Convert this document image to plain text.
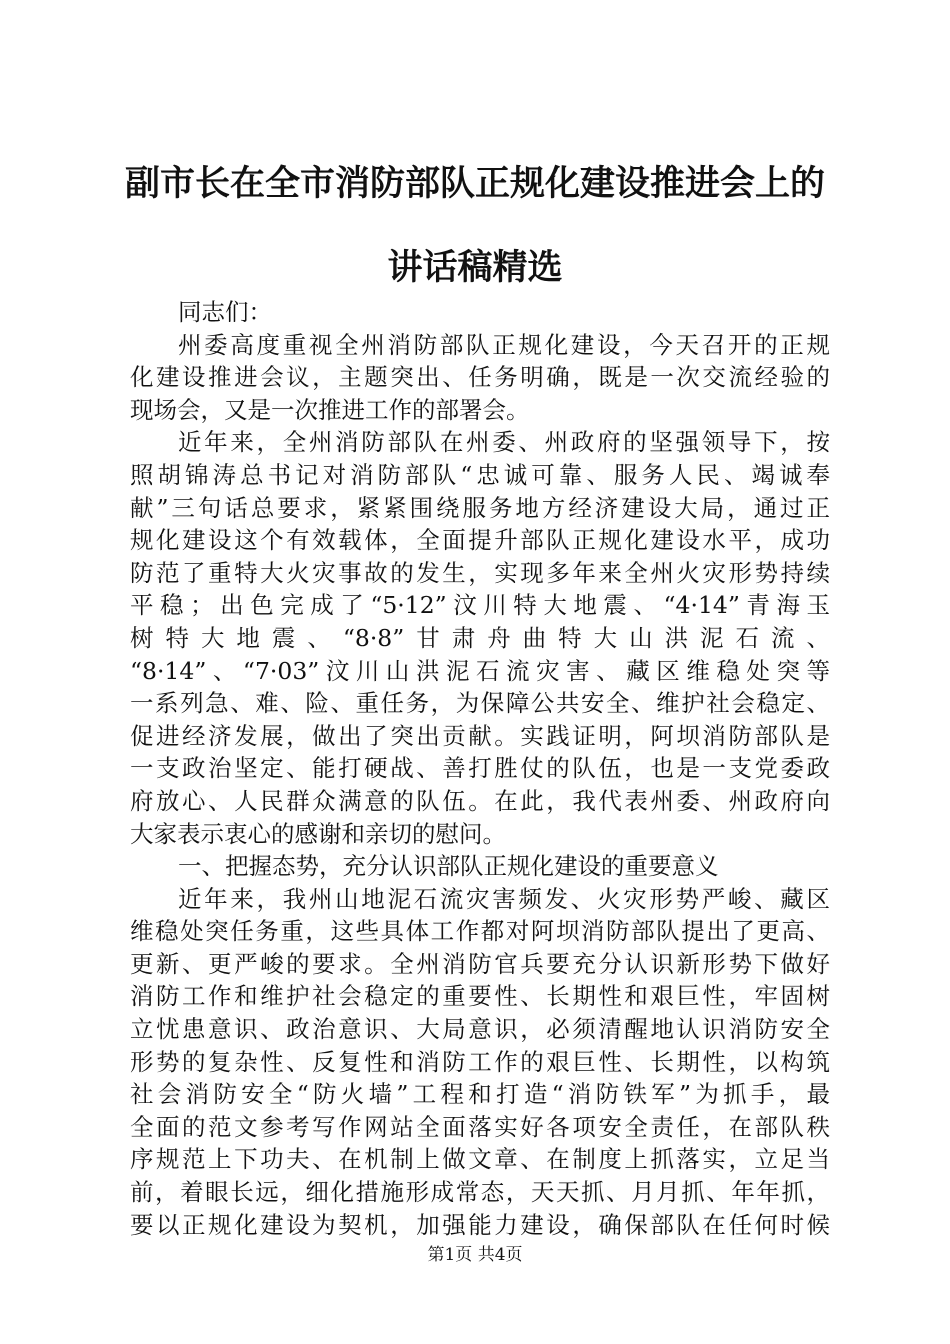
副市长在全市消防部队正规化建设推进会上的
讲话稿精选
同志们：
州委高度重视全州消防部队正规化建设，今天召开的正规
化建设推进会议，主题突出、任务明确，既是一次交流经验的
现场会，又是一次推进工作的部署会。
近年来，全州消防部队在州委、州政府的坚强领导下，按
照胡锦涛总书记对消防部队“忠诚可靠、服务人民、竭诚奉
献”三句话总要求，紧紧围绕服务地方经济建设大局，通过正
规化建设这个有效载体，全面提升部队正规化建设水平，成功
防范了重特大火灾事故的发生，实现多年来全州火灾形势持续
平稳；出色完成了“5·12”汶川特大地震、“4·14”青海玉
树特大地震、“8·8”甘肃舟曲特大山洪泥石流、
“8·14”、“7·03”汶川山洪泥石流灾害、藏区维稳处突等
一系列急、难、险、重任务，为保障公共安全、维护社会稳定、
促进经济发展，做出了突出贡献。实践证明，阿坝消防部队是
一支政治坚定、能打硬战、善打胜仗的队伍，也是一支党委政
府放心、人民群众满意的队伍。在此，我代表州委、州政府向
大家表示衷心的感谢和亲切的慰问。
一、把握态势，充分认识部队正规化建设的重要意义
近年来，我州山地泥石流灾害频发、火灾形势严峻、藏区
维稳处突任务重，这些具体工作都对阿坝消防部队提出了更高、
更新、更严峻的要求。全州消防官兵要充分认识新形势下做好
消防工作和维护社会稳定的重要性、长期性和艰巨性，牢固树
立忧患意识、政治意识、大局意识，必须清醒地认识消防安全
形势的复杂性、反复性和消防工作的艰巨性、长期性，以构筑
社会消防安全“防火墙”工程和打造“消防铁军”为抓手，最
全面的范文参考写作网站全面落实好各项安全责任，在部队秩
序规范上下功夫、在机制上做文章、在制度上抓落实，立足当
前，着眼长远，细化措施形成常态，天天抓、月月抓、年年抓，
要以正规化建设为契机，加强能力建设，确保部队在任何时候
第1页 共4页
